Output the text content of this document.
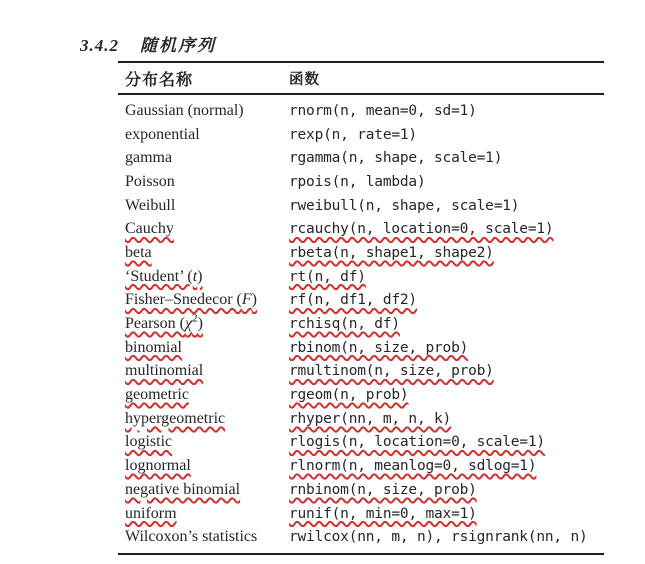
3.4.2 随机序列
分布名称	函数
Gaussian (normal)	rnorm(n, mean=0, sd=1)
exponential	rexp(n, rate=1)
gamma	rgamma(n, shape, scale=1)
Poisson	rpois(n, lambda)
Weibull	rweibull(n, shape, scale=1)
Cauchy	rcauchy(n, location=0, scale=1)
beta	rbeta(n, shape1, shape2)
‘Student’ (t)	rt(n, df)
Fisher–Snedecor (F)	rf(n, df1, df2)
Pearson $(\chi^2)$	rchisq(n, df)
binomial	rbinom(n, size, prob)
multinomial	rmultinom(n, size, prob)
geometric	rgeom(n, prob)
hypergeometric	rhyper(nn, m, n, k)
logistic	rlogis(n, location=0, scale=1)
lognormal	rlnorm(n, meanlog=0, sdlog=1)
negative binomial	rnbinom(n, size, prob)
uniform	runif(n, min=0, max=1)
Wilcoxon’s statistics	rwilcox(nn, m, n), rsignrank(nn, n)
